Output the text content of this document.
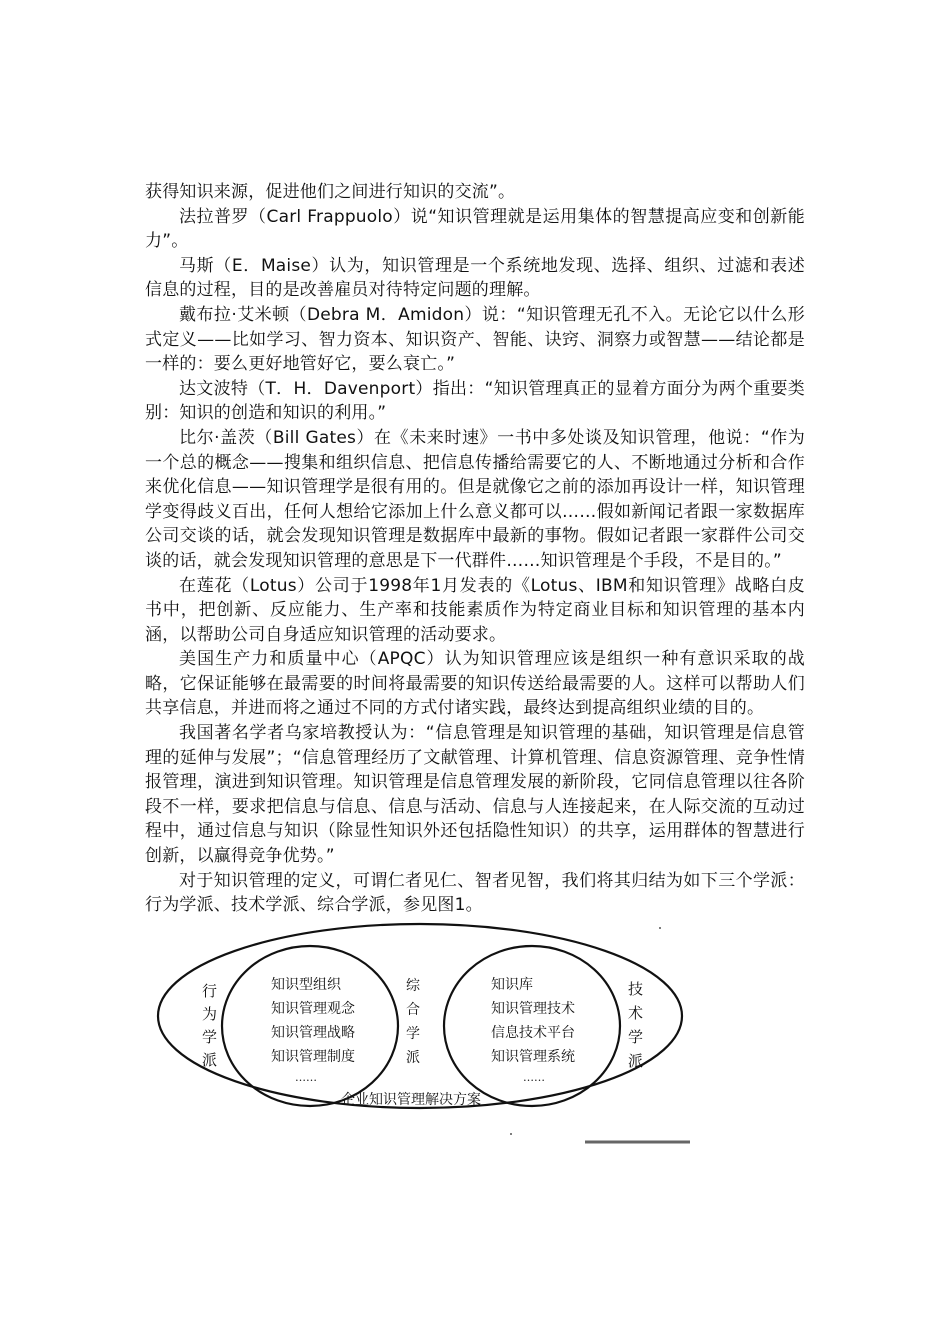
获得知识来源，促进他们之间进行知识的交流”。

法拉普罗（Carl Frappuolo）说“知识管理就是运用集体的智慧提高应变和创新能力”。

马斯（E．Maise）认为，知识管理是一个系统地发现、选择、组织、过滤和表述信息的过程，目的是改善雇员对待特定问题的理解。

戴布拉·艾米顿（Debra M．Amidon）说：“知识管理无孔不入。无论它以什么形式定义——比如学习、智力资本、知识资产、智能、诀窍、洞察力或智慧——结论都是一样的：要么更好地管好它，要么衰亡。”

达文波特（T．H．Davenport）指出：“知识管理真正的显着方面分为两个重要类别：知识的创造和知识的利用。”

比尔·盖茨（Bill Gates）在《未来时速》一书中多处谈及知识管理，他说：“作为一个总的概念——搜集和组织信息、把信息传播给需要它的人、不断地通过分析和合作来优化信息——知识管理学是很有用的。但是就像它之前的添加再设计一样，知识管理学变得歧义百出，任何人想给它添加上什么意义都可以……假如新闻记者跟一家数据库公司交谈的话，就会发现知识管理是数据库中最新的事物。假如记者跟一家群件公司交谈的话，就会发现知识管理的意思是下一代群件……知识管理是个手段，不是目的。”

在莲花（Lotus）公司于1998年1月发表的《Lotus、IBM和知识管理》战略白皮书中，把创新、反应能力、生产率和技能素质作为特定商业目标和知识管理的基本内涵，以帮助公司自身适应知识管理的活动要求。

美国生产力和质量中心（APQC）认为知识管理应该是组织一种有意识采取的战略，它保证能够在最需要的时间将最需要的知识传送给最需要的人。这样可以帮助人们共享信息，并进而将之通过不同的方式付诸实践，最终达到提高组织业绩的目的。

我国著名学者乌家培教授认为：“信息管理是知识管理的基础，知识管理是信息管理的延伸与发展”；“信息管理经历了文献管理、计算机管理、信息资源管理、竞争性情报管理，演进到知识管理。知识管理是信息管理发展的新阶段，它同信息管理以往各阶段不一样，要求把信息与信息、信息与活动、信息与人连接起来，在人际交流的互动过程中，通过信息与知识（除显性知识外还包括隐性知识）的共享，运用群体的智慧进行创新，以赢得竞争优势。”

对于知识管理的定义，可谓仁者见仁、智者见智，我们将其归结为如下三个学派：行为学派、技术学派、综合学派，参见图1。

行
为
学
派
知识型组织
知识管理观念
知识管理战略
知识管理制度
……
综
合
学
派
知识库
知识管理技术
信息技术平台
知识管理系统
……
技
术
学
派
企业知识管理解决方案
